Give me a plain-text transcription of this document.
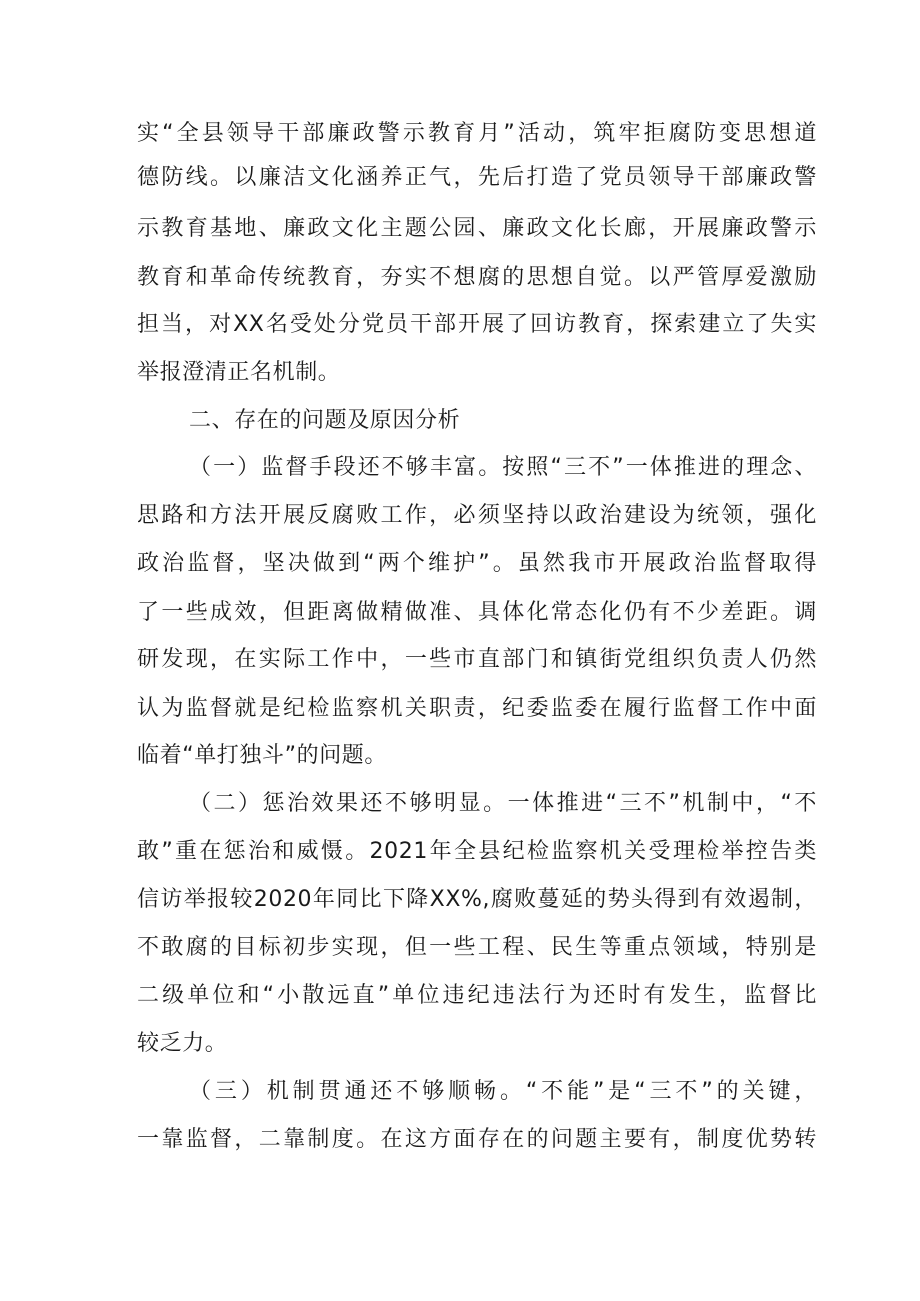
实“全县领导干部廉政警示教育月”活动，筑牢拒腐防变思想道
德防线。以廉洁文化涵养正气，先后打造了党员领导干部廉政警
示教育基地、廉政文化主题公园、廉政文化长廊，开展廉政警示
教育和革命传统教育，夯实不想腐的思想自觉。以严管厚爱激励
担当，对XX名受处分党员干部开展了回访教育，探索建立了失实
举报澄清正名机制。
二、存在的问题及原因分析
（一）监督手段还不够丰富。按照“三不”一体推进的理念、
思路和方法开展反腐败工作，必须坚持以政治建设为统领，强化
政治监督，坚决做到“两个维护”。虽然我市开展政治监督取得
了一些成效，但距离做精做准、具体化常态化仍有不少差距。调
研发现，在实际工作中，一些市直部门和镇街党组织负责人仍然
认为监督就是纪检监察机关职责，纪委监委在履行监督工作中面
临着“单打独斗”的问题。
（二）惩治效果还不够明显。一体推进“三不”机制中，“不
敢”重在惩治和威慑。2021年全县纪检监察机关受理检举控告类
信访举报较2020年同比下降XX%,腐败蔓延的势头得到有效遏制，
不敢腐的目标初步实现，但一些工程、民生等重点领域，特别是
二级单位和“小散远直”单位违纪违法行为还时有发生，监督比
较乏力。
（三）机制贯通还不够顺畅。“不能”是“三不”的关键，
一靠监督，二靠制度。在这方面存在的问题主要有，制度优势转
